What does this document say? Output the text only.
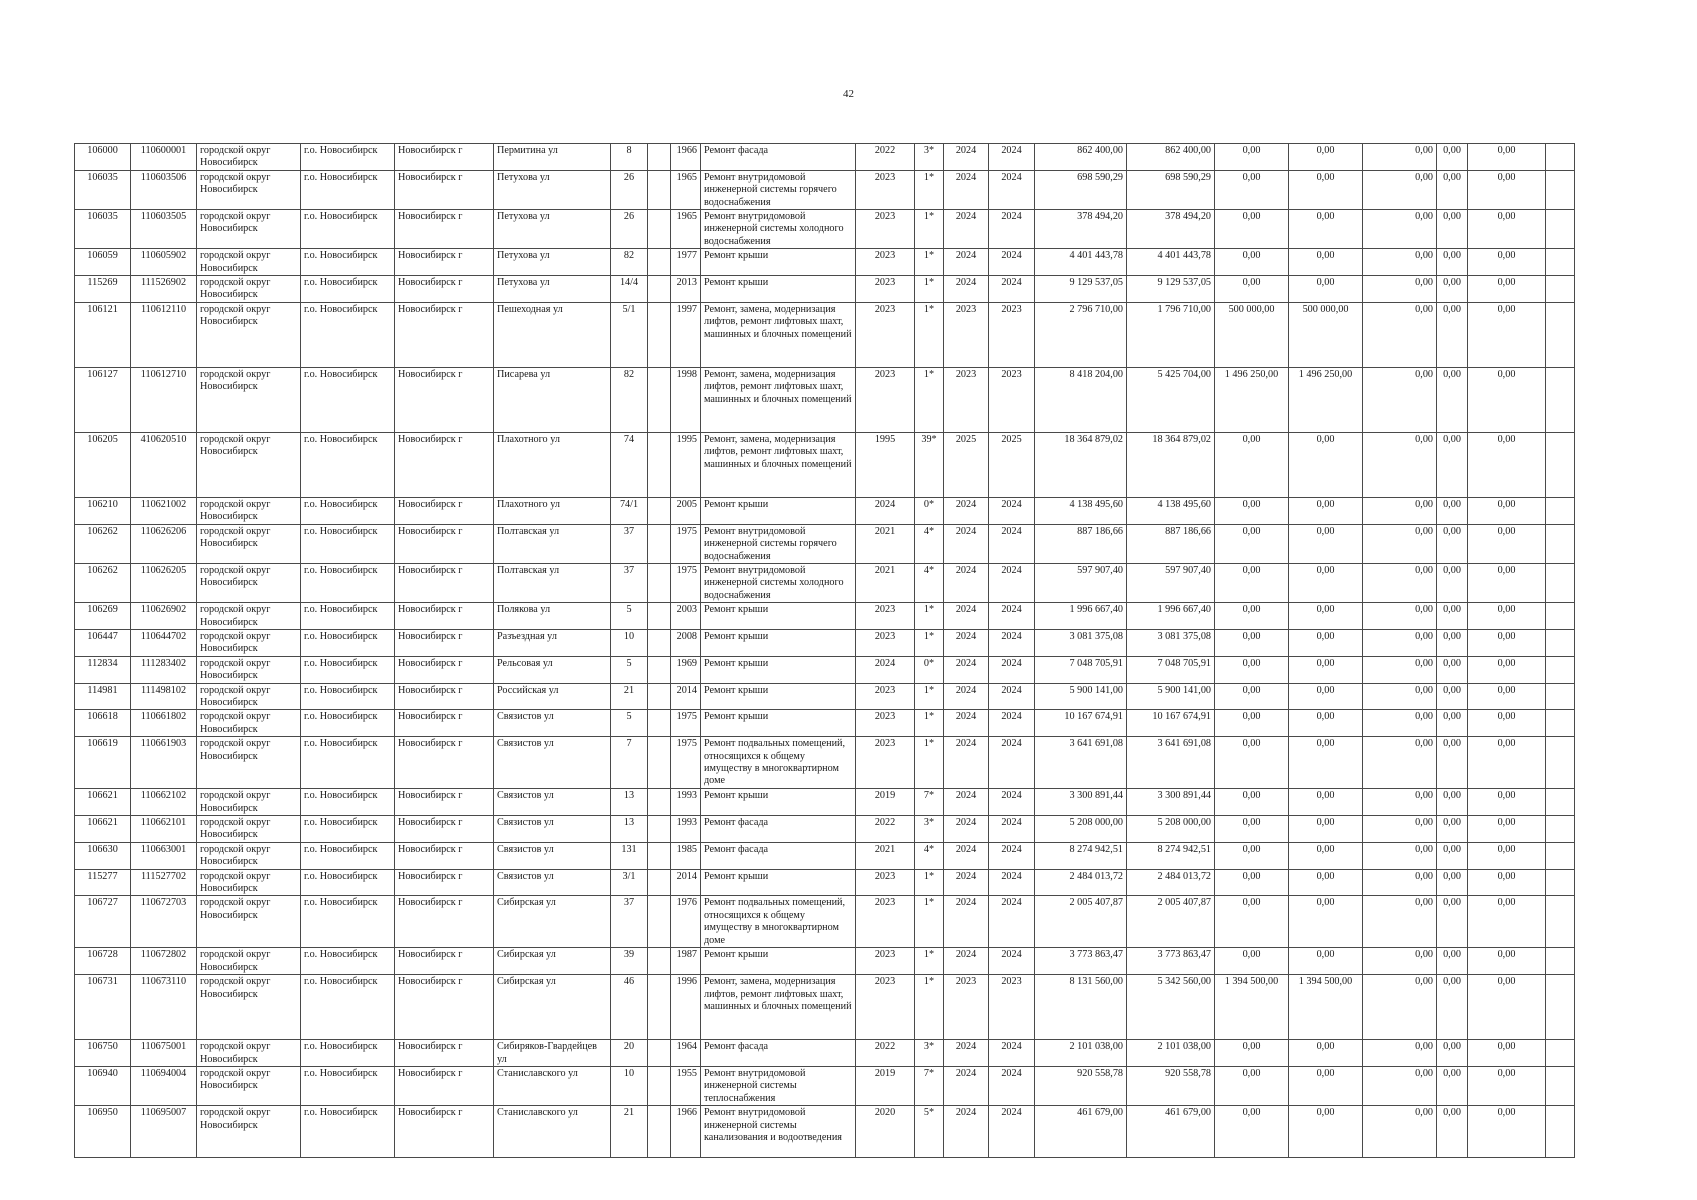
42
106000	110600001	городской округ Новосибирск	г.о. Новосибирск	Новосибирск г	Пермитина ул	8		1966	Ремонт фасада	2022	3*	2024	2024	862 400,00	862 400,00	0,00	0,00	0,00	0,00	0,00	
106035	110603506	городской округ Новосибирск	г.о. Новосибирск	Новосибирск г	Петухова ул	26		1965	Ремонт внутридомовой инженерной системы горячего водоснабжения	2023	1*	2024	2024	698 590,29	698 590,29	0,00	0,00	0,00	0,00	0,00	
106035	110603505	городской округ Новосибирск	г.о. Новосибирск	Новосибирск г	Петухова ул	26		1965	Ремонт внутридомовой инженерной системы холодного водоснабжения	2023	1*	2024	2024	378 494,20	378 494,20	0,00	0,00	0,00	0,00	0,00	
106059	110605902	городской округ Новосибирск	г.о. Новосибирск	Новосибирск г	Петухова ул	82		1977	Ремонт крыши	2023	1*	2024	2024	4 401 443,78	4 401 443,78	0,00	0,00	0,00	0,00	0,00	
115269	111526902	городской округ Новосибирск	г.о. Новосибирск	Новосибирск г	Петухова ул	14/4		2013	Ремонт крыши	2023	1*	2024	2024	9 129 537,05	9 129 537,05	0,00	0,00	0,00	0,00	0,00	
106121	110612110	городской округ Новосибирск	г.о. Новосибирск	Новосибирск г	Пешеходная ул	5/1		1997	Ремонт, замена, модернизация лифтов, ремонт лифтовых шахт, машинных и блочных помещений	2023	1*	2023	2023	2 796 710,00	1 796 710,00	500 000,00	500 000,00	0,00	0,00	0,00	
106127	110612710	городской округ Новосибирск	г.о. Новосибирск	Новосибирск г	Писарева ул	82		1998	Ремонт, замена, модернизация лифтов, ремонт лифтовых шахт, машинных и блочных помещений	2023	1*	2023	2023	8 418 204,00	5 425 704,00	1 496 250,00	1 496 250,00	0,00	0,00	0,00	
106205	410620510	городской округ Новосибирск	г.о. Новосибирск	Новосибирск г	Плахотного ул	74		1995	Ремонт, замена, модернизация лифтов, ремонт лифтовых шахт, машинных и блочных помещений	1995	39*	2025	2025	18 364 879,02	18 364 879,02	0,00	0,00	0,00	0,00	0,00	
106210	110621002	городской округ Новосибирск	г.о. Новосибирск	Новосибирск г	Плахотного ул	74/1		2005	Ремонт крыши	2024	0*	2024	2024	4 138 495,60	4 138 495,60	0,00	0,00	0,00	0,00	0,00	
106262	110626206	городской округ Новосибирск	г.о. Новосибирск	Новосибирск г	Полтавская ул	37		1975	Ремонт внутридомовой инженерной системы горячего водоснабжения	2021	4*	2024	2024	887 186,66	887 186,66	0,00	0,00	0,00	0,00	0,00	
106262	110626205	городской округ Новосибирск	г.о. Новосибирск	Новосибирск г	Полтавская ул	37		1975	Ремонт внутридомовой инженерной системы холодного водоснабжения	2021	4*	2024	2024	597 907,40	597 907,40	0,00	0,00	0,00	0,00	0,00	
106269	110626902	городской округ Новосибирск	г.о. Новосибирск	Новосибирск г	Полякова ул	5		2003	Ремонт крыши	2023	1*	2024	2024	1 996 667,40	1 996 667,40	0,00	0,00	0,00	0,00	0,00	
106447	110644702	городской округ Новосибирск	г.о. Новосибирск	Новосибирск г	Разъездная ул	10		2008	Ремонт крыши	2023	1*	2024	2024	3 081 375,08	3 081 375,08	0,00	0,00	0,00	0,00	0,00	
112834	111283402	городской округ Новосибирск	г.о. Новосибирск	Новосибирск г	Рельсовая ул	5		1969	Ремонт крыши	2024	0*	2024	2024	7 048 705,91	7 048 705,91	0,00	0,00	0,00	0,00	0,00	
114981	111498102	городской округ Новосибирск	г.о. Новосибирск	Новосибирск г	Российская ул	21		2014	Ремонт крыши	2023	1*	2024	2024	5 900 141,00	5 900 141,00	0,00	0,00	0,00	0,00	0,00	
106618	110661802	городской округ Новосибирск	г.о. Новосибирск	Новосибирск г	Связистов ул	5		1975	Ремонт крыши	2023	1*	2024	2024	10 167 674,91	10 167 674,91	0,00	0,00	0,00	0,00	0,00	
106619	110661903	городской округ Новосибирск	г.о. Новосибирск	Новосибирск г	Связистов ул	7		1975	Ремонт подвальных помещений, относящихся к общему имуществу в многоквартирном доме	2023	1*	2024	2024	3 641 691,08	3 641 691,08	0,00	0,00	0,00	0,00	0,00	
106621	110662102	городской округ Новосибирск	г.о. Новосибирск	Новосибирск г	Связистов ул	13		1993	Ремонт крыши	2019	7*	2024	2024	3 300 891,44	3 300 891,44	0,00	0,00	0,00	0,00	0,00	
106621	110662101	городской округ Новосибирск	г.о. Новосибирск	Новосибирск г	Связистов ул	13		1993	Ремонт фасада	2022	3*	2024	2024	5 208 000,00	5 208 000,00	0,00	0,00	0,00	0,00	0,00	
106630	110663001	городской округ Новосибирск	г.о. Новосибирск	Новосибирск г	Связистов ул	131		1985	Ремонт фасада	2021	4*	2024	2024	8 274 942,51	8 274 942,51	0,00	0,00	0,00	0,00	0,00	
115277	111527702	городской округ Новосибирск	г.о. Новосибирск	Новосибирск г	Связистов ул	3/1		2014	Ремонт крыши	2023	1*	2024	2024	2 484 013,72	2 484 013,72	0,00	0,00	0,00	0,00	0,00	
106727	110672703	городской округ Новосибирск	г.о. Новосибирск	Новосибирск г	Сибирская ул	37		1976	Ремонт подвальных помещений, относящихся к общему имуществу в многоквартирном доме	2023	1*	2024	2024	2 005 407,87	2 005 407,87	0,00	0,00	0,00	0,00	0,00	
106728	110672802	городской округ Новосибирск	г.о. Новосибирск	Новосибирск г	Сибирская ул	39		1987	Ремонт крыши	2023	1*	2024	2024	3 773 863,47	3 773 863,47	0,00	0,00	0,00	0,00	0,00	
106731	110673110	городской округ Новосибирск	г.о. Новосибирск	Новосибирск г	Сибирская ул	46		1996	Ремонт, замена, модернизация лифтов, ремонт лифтовых шахт, машинных и блочных помещений	2023	1*	2023	2023	8 131 560,00	5 342 560,00	1 394 500,00	1 394 500,00	0,00	0,00	0,00	
106750	110675001	городской округ Новосибирск	г.о. Новосибирск	Новосибирск г	Сибиряков-Гвардейцев ул	20		1964	Ремонт фасада	2022	3*	2024	2024	2 101 038,00	2 101 038,00	0,00	0,00	0,00	0,00	0,00	
106940	110694004	городской округ Новосибирск	г.о. Новосибирск	Новосибирск г	Станиславского ул	10		1955	Ремонт внутридомовой инженерной системы теплоснабжения	2019	7*	2024	2024	920 558,78	920 558,78	0,00	0,00	0,00	0,00	0,00	
106950	110695007	городской округ Новосибирск	г.о. Новосибирск	Новосибирск г	Станиславского ул	21		1966	Ремонт внутридомовой инженерной системы канализования и водоотведения	2020	5*	2024	2024	461 679,00	461 679,00	0,00	0,00	0,00	0,00	0,00	
